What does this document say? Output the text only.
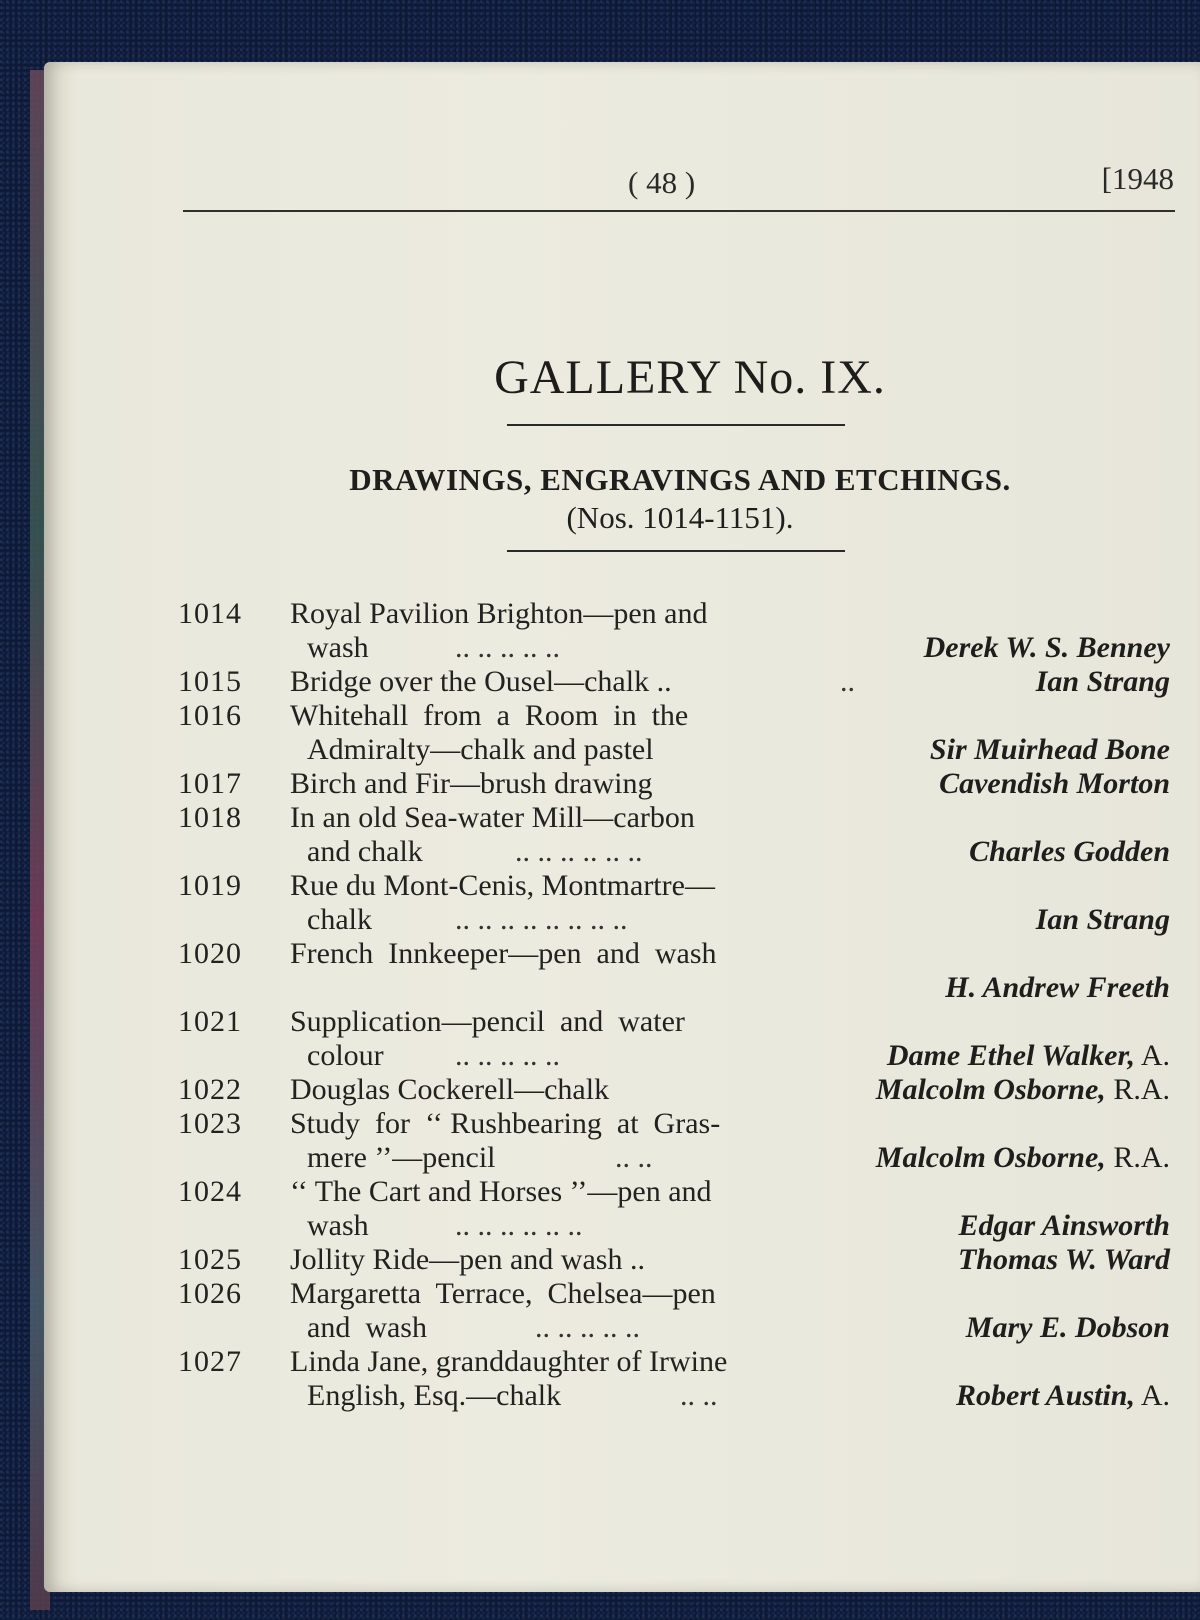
( 48 )	[1948
GALLERY No. IX.
DRAWINGS, ENGRAVINGS AND ETCHINGS.
(Nos. 1014-1151).
1014 Royal Pavilion Brighton—pen and
wash	.. .. .. .. ..	Derek W. S. Benney
1015 Bridge over the Ousel—chalk ..	..	Ian Strang
1016 Whitehall  from  a  Room  in  the
Admiralty—chalk and pastel	Sir Muirhead Bone
1017 Birch and Fir—brush drawing	Cavendish Morton
1018 In an old Sea-water Mill—carbon
and chalk	.. .. .. .. .. ..	Charles Godden
1019 Rue du Mont-Cenis, Montmartre—
chalk	.. .. .. .. .. .. .. ..	Ian Strang
1020 French  Innkeeper—pen  and  wash
H. Andrew Freeth
1021 Supplication—pencil  and  water
colour .. .. .. .. ..	Dame Ethel Walker, A.
1022 Douglas Cockerell—chalk	Malcolm Osborne, R.A.
1023 Study  for  ‘‘ Rushbearing  at  Gras-
mere ’’—pencil	.. ..	Malcolm Osborne, R.A.
1024 ‘‘ The Cart and Horses ’’—pen and
wash	.. .. .. .. .. ..	Edgar Ainsworth
1025 Jollity Ride—pen and wash ..	Thomas W. Ward
1026 Margaretta  Terrace,  Chelsea—pen
and  wash	.. .. .. .. ..	Mary E. Dobson
1027 Linda Jane, granddaughter of Irwine
English, Esq.—chalk	.. ..	Robert Austin, A.
